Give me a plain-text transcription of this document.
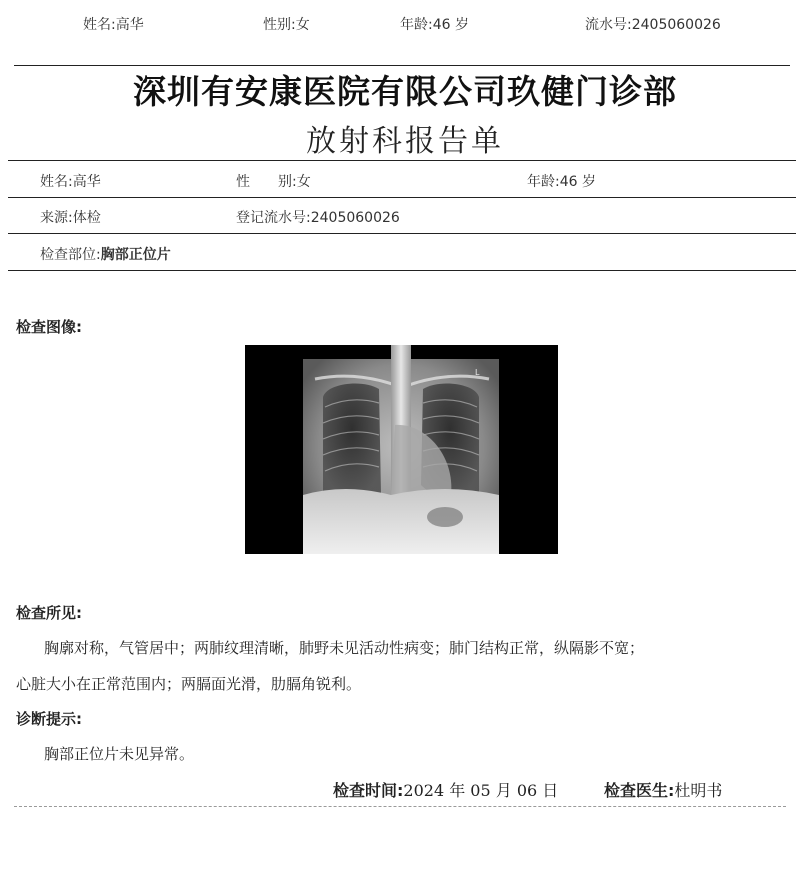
姓名:高华	性别:女	年龄:46 岁	流水号:2405060026
深圳有安康医院有限公司玖健门诊部
放射科报告单
姓名:高华	性　　别:女	年龄:46 岁
来源:体检	登记流水号:2405060026
检查部位:胸部正位片
检查图像:
L
检查所见:
胸廓对称，气管居中；两肺纹理清晰，肺野未见活动性病变；肺门结构正常，纵隔影不宽；
心脏大小在正常范围内；两膈面光滑，肋膈角锐利。
诊断提示:
胸部正位片未见异常。
检查时间:2024 年 05 月 06 日	检查医生:杜明书
